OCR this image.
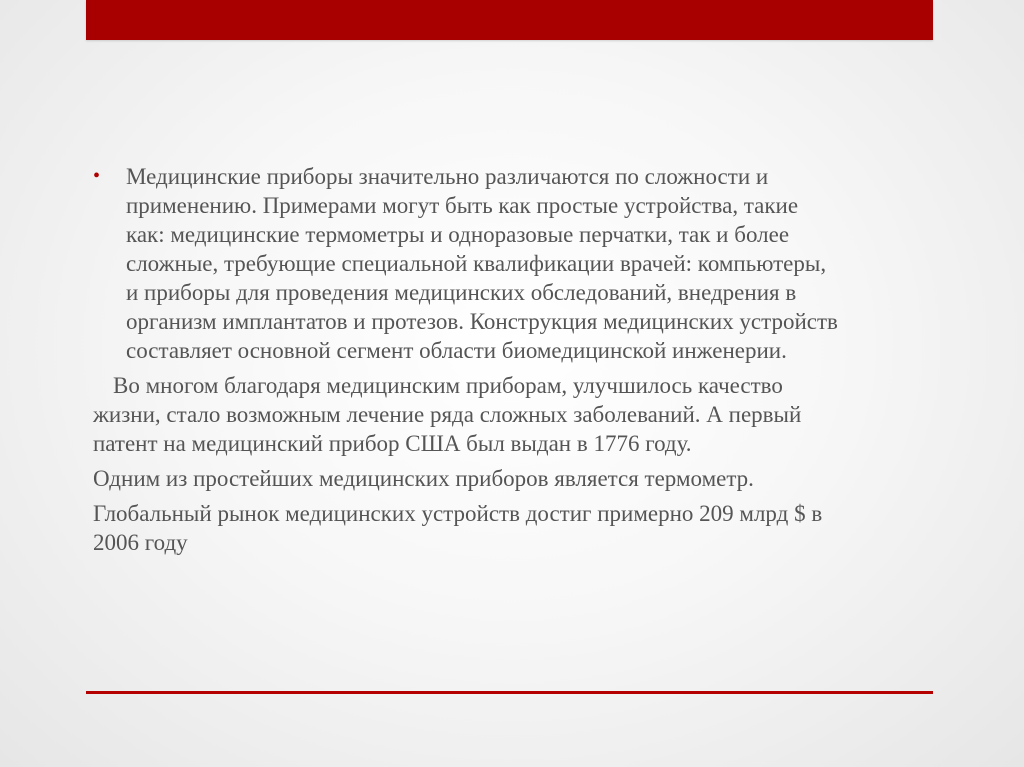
• Медицинские приборы значительно различаются по сложности и
применению. Примерами могут быть как простые устройства, такие
как: медицинские термометры и одноразовые перчатки, так и более
сложные, требующие специальной квалификации врачей: компьютеры,
и приборы для проведения медицинских обследований, внедрения в
организм имплантатов и протезов. Конструкция медицинских устройств
составляет основной сегмент области биомедицинской инженерии.
Во многом благодаря медицинским приборам, улучшилось качество
жизни, стало возможным лечение ряда сложных заболеваний. А первый
патент на медицинский прибор США был выдан в 1776 году.
Одним из простейших медицинских приборов является термометр.
Глобальный рынок медицинских устройств достиг примерно 209 млрд $ в
2006 году
